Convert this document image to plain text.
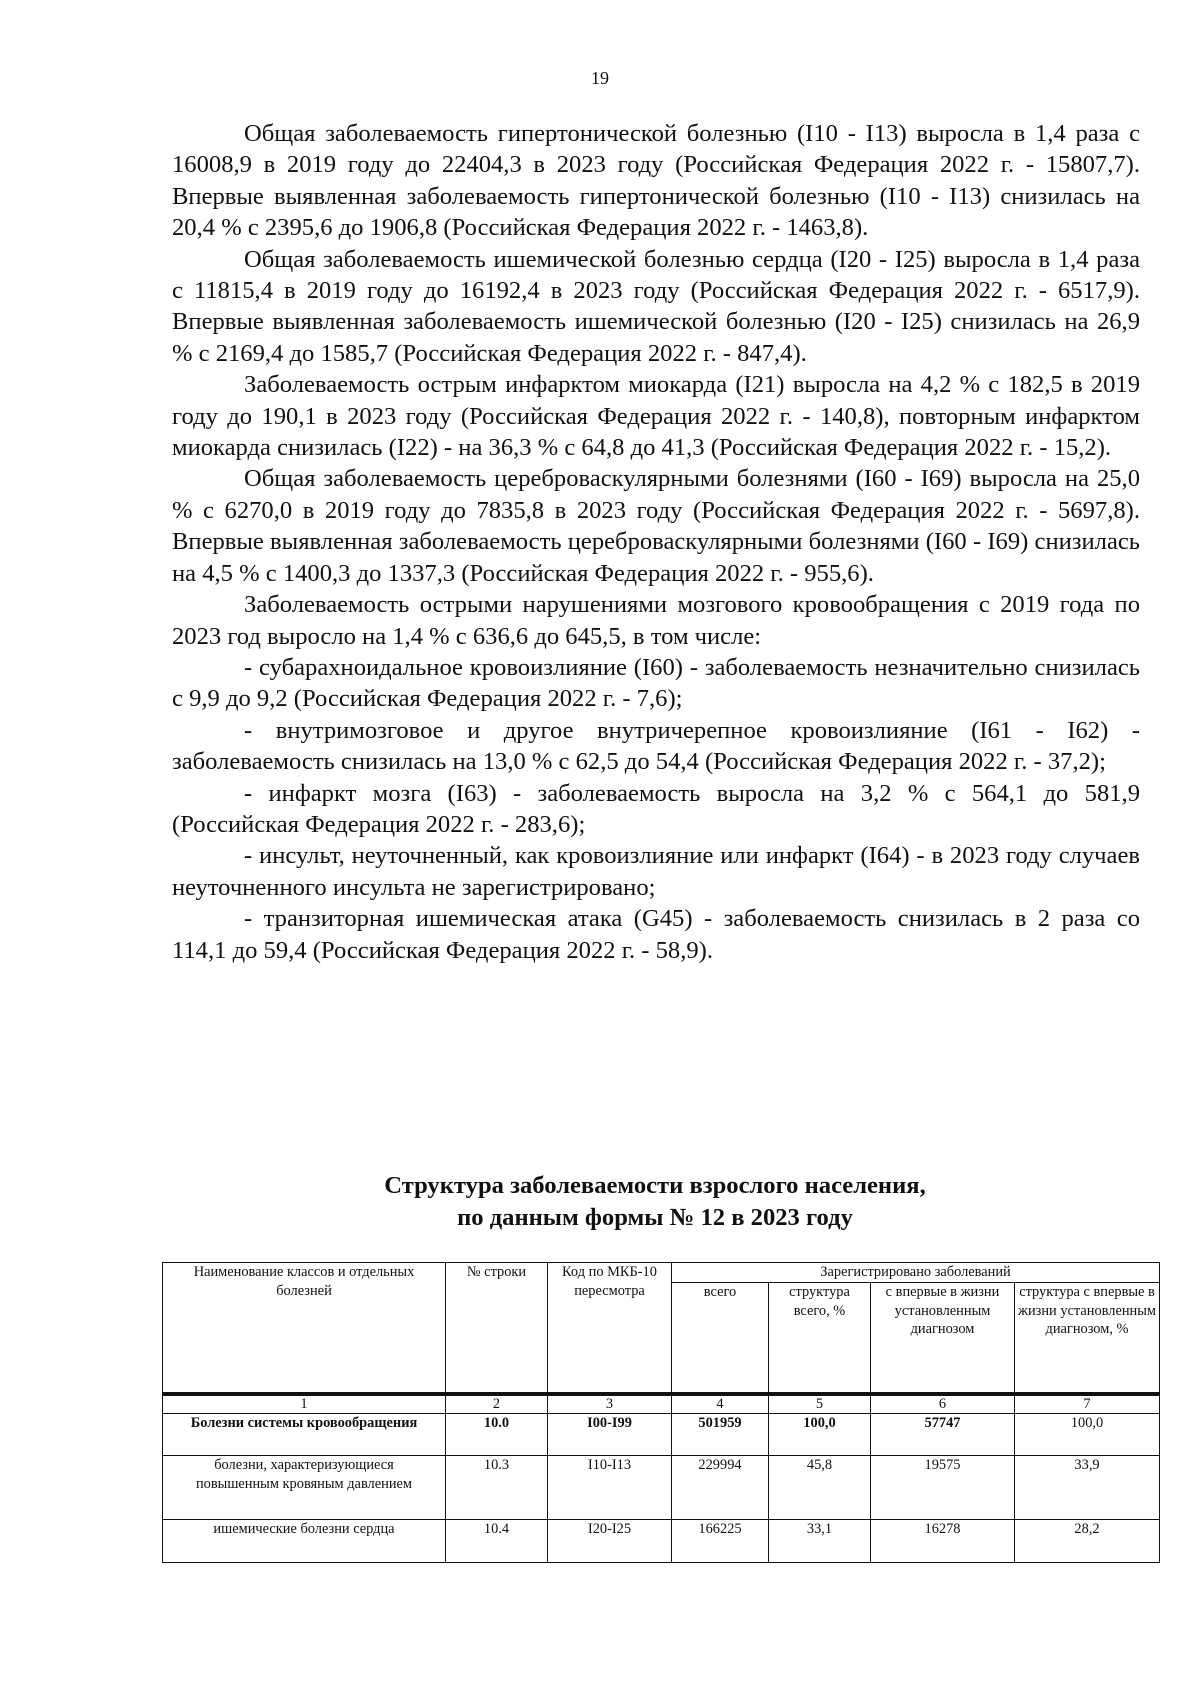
19

Общая заболеваемость гипертонической болезнью (I10 - I13) выросла в 1,4 раза с 16008,9 в 2019 году до 22404,3 в 2023 году (Российская Федерация 2022 г. - 15807,7). Впервые выявленная заболеваемость гипертонической болезнью (I10 - I13) снизилась на 20,4 % с 2395,6 до 1906,8 (Российская Федерация 2022 г. - 1463,8).

Общая заболеваемость ишемической болезнью сердца (I20 - I25) выросла в 1,4 раза с 11815,4 в 2019 году до 16192,4 в 2023 году (Российская Федерация 2022 г. - 6517,9). Впервые выявленная заболеваемость ишемической болезнью (I20 - I25) снизилась на 26,9 % с 2169,4 до 1585,7 (Российская Федерация 2022 г. - 847,4).

Заболеваемость острым инфарктом миокарда (I21) выросла на 4,2 % с 182,5 в 2019 году до 190,1 в 2023 году (Российская Федерация 2022 г. - 140,8), повторным инфарктом миокарда снизилась (I22) - на 36,3 % с 64,8 до 41,3 (Российская Федерация 2022 г. - 15,2).

Общая заболеваемость цереброваскулярными болезнями (I60 - I69) выросла на 25,0 % с 6270,0 в 2019 году до 7835,8 в 2023 году (Российская Федерация 2022 г. - 5697,8). Впервые выявленная заболеваемость цереброваскулярными болезнями (I60 - I69) снизилась на 4,5 % с 1400,3 до 1337,3 (Российская Федерация 2022 г. - 955,6).

Заболеваемость острыми нарушениями мозгового кровообращения с 2019 года по 2023 год выросло на 1,4 % с 636,6 до 645,5, в том числе:

- субарахноидальное кровоизлияние (I60) - заболеваемость незначительно снизилась с 9,9 до 9,2 (Российская Федерация 2022 г. - 7,6);

- внутримозговое и другое внутричерепное кровоизлияние (I61 - I62) - заболеваемость снизилась на 13,0 % с 62,5 до 54,4 (Российская Федерация 2022 г. - 37,2);

- инфаркт мозга (I63) - заболеваемость выросла на 3,2 % с 564,1 до 581,9 (Российская Федерация 2022 г. - 283,6);

- инсульт, неуточненный, как кровоизлияние или инфаркт (I64) - в 2023 году случаев неуточненного инсульта не зарегистрировано;

- транзиторная ишемическая атака (G45) - заболеваемость снизилась в 2 раза со 114,1 до 59,4 (Российская Федерация 2022 г. - 58,9).

Структура заболеваемости взрослого населения,
по данным формы № 12 в 2023 году
Наименование классов и отдельных болезней	№ строки	Код по МКБ-10 пересмотра	Зарегистрировано заболеваний			
			всего	структура всего, %	с впервые в жизни установленным диагнозом	структура с впервые в жизни установленным диагнозом, %
1	2	3	4	5	6	7
Болезни системы кровообращения	10.0	I00-I99	501959	100,0	57747	100,0
болезни, характеризующиеся повышенным кровяным давлением	10.3	I10-I13	229994	45,8	19575	33,9
ишемические болезни сердца	10.4	I20-I25	166225	33,1	16278	28,2
